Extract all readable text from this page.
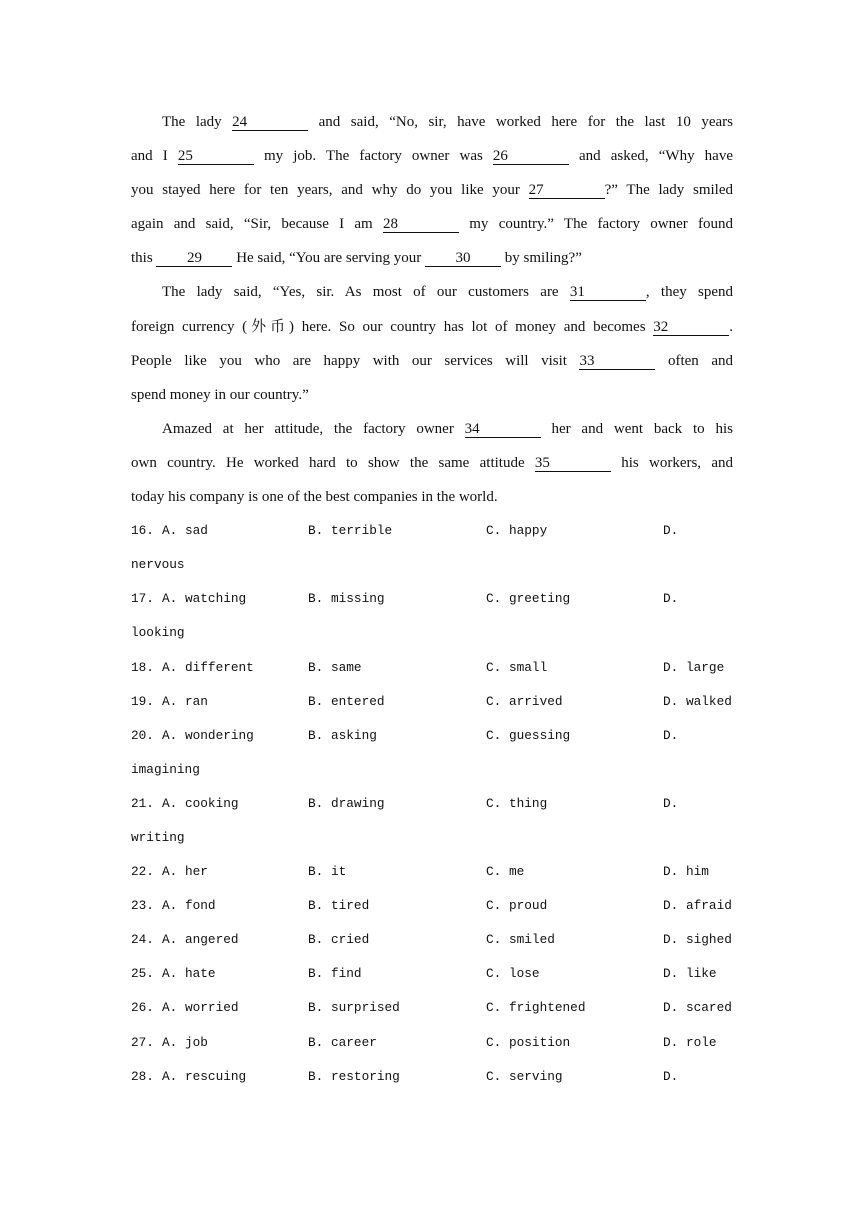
The lady 24	and said, “No, sir, have worked here for the last 10 years
and I 25	my job. The factory owner was 26	and asked, “Why have
you stayed here for ten years, and why do you like your 27	?” The lady smiled
again and said, “Sir, because I am 28	my country.” The factory owner found
this 29 He said, “You are serving your 30 by smiling?”
The lady said, “Yes, sir. As most of our customers are 31	, they spend
foreign currency (外币) here. So our country has lot of money and becomes 32	.
People like you who are happy with our services will visit 33	often and
spend money in our country.”
Amazed at her attitude, the factory owner 34	her and went back to his
own country. He worked hard to show the same attitude 35	his workers, and
today his company is one of the best companies in the world.
16. A. sad	B. terrible	C. happy	D. nervous
17. A. watching	B. missing	C. greeting	D. looking
18. A. different	B. same	C. small	D. large
19. A. ran	B. entered	C. arrived	D. walked
20. A. wondering	B. asking	C. guessing	D. imagining
21. A. cooking	B. drawing	C. thing	D. writing
22. A. her	B. it	C. me	D. him
23. A. fond	B. tired	C. proud	D. afraid
24. A. angered	B. cried	C. smiled	D. sighed
25. A. hate	B. find	C. lose	D. like
26. A. worried	B. surprised	C. frightened	D. scared
27. A. job	B. career	C. position	D. role
28. A. rescuing	B. restoring	C. serving	D.
